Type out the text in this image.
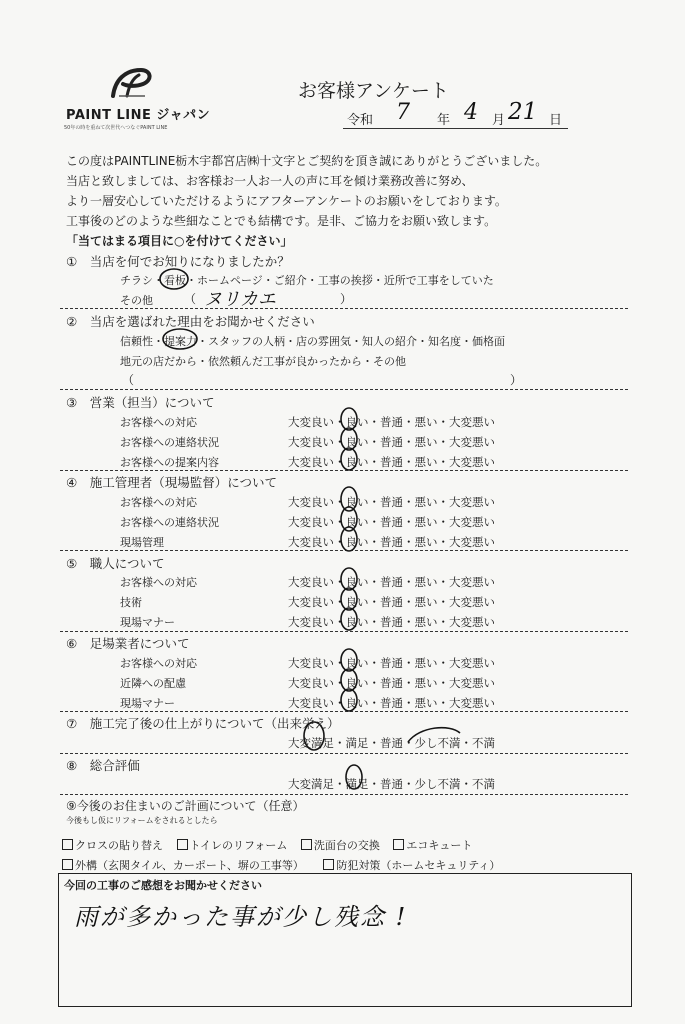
PAINT LINE ジャパン
50年の時を重ねて次世代へつなぐPAINT LINE
お客様アンケート
令和 7 年 4 月 21 日
この度はPAINTLINE栃木宇都宮店㈱十文字とご契約を頂き誠にありがとうございました。
当店と致しましては、お客様お一人お一人の声に耳を傾け業務改善に努め、
より一層安心していただけるようにアフターアンケートのお願いをしております。
工事後のどのような些細なことでも結構です。是非、ご協力をお願い致します。
「当てはまる項目に○を付けてください」
①　当店を何でお知りになりましたか？
チラシ・看板・ホームページ・ご紹介・工事の挨拶・近所で工事をしていた
その他	（ ヌリカエ	）
②　当店を選ばれた理由をお聞かせください
信頼性・提案力・スタッフの人柄・店の雰囲気・知人の紹介・知名度・価格面
地元の店だから・依然頼んだ工事が良かったから・その他
（	）
③　営業（担当）について
お客様への対応	大変良い・良い・普通・悪い・大変悪い
お客様への連絡状況	大変良い・良い・普通・悪い・大変悪い
お客様への提案内容	大変良い・良い・普通・悪い・大変悪い
④　施工管理者（現場監督）について
お客様への対応	大変良い・良い・普通・悪い・大変悪い
お客様への連絡状況	大変良い・良い・普通・悪い・大変悪い
現場管理	大変良い・良い・普通・悪い・大変悪い
⑤　職人について
お客様への対応	大変良い・良い・普通・悪い・大変悪い
技術	大変良い・良い・普通・悪い・大変悪い
現場マナー	大変良い・良い・普通・悪い・大変悪い
⑥　足場業者について
お客様への対応	大変良い・良い・普通・悪い・大変悪い
近隣への配慮	大変良い・良い・普通・悪い・大変悪い
現場マナー	大変良い・良い・普通・悪い・大変悪い
⑦　施工完了後の仕上がりについて（出来栄え）
大変満足・満足・普通・少し不満・不満
⑧　総合評価
大変満足・満足・普通・少し不満・不満
⑨今後のお住まいのご計画について（任意）
今後もし仮にリフォームをされるとしたら
クロスの貼り替え トイレのリフォーム 洗面台の交換 エコキュート
外構（玄関タイル、カーポート、塀の工事等）	防犯対策（ホームセキュリティ）
今回の工事のご感想をお聞かせください
雨が多かった事が少し残念 !
